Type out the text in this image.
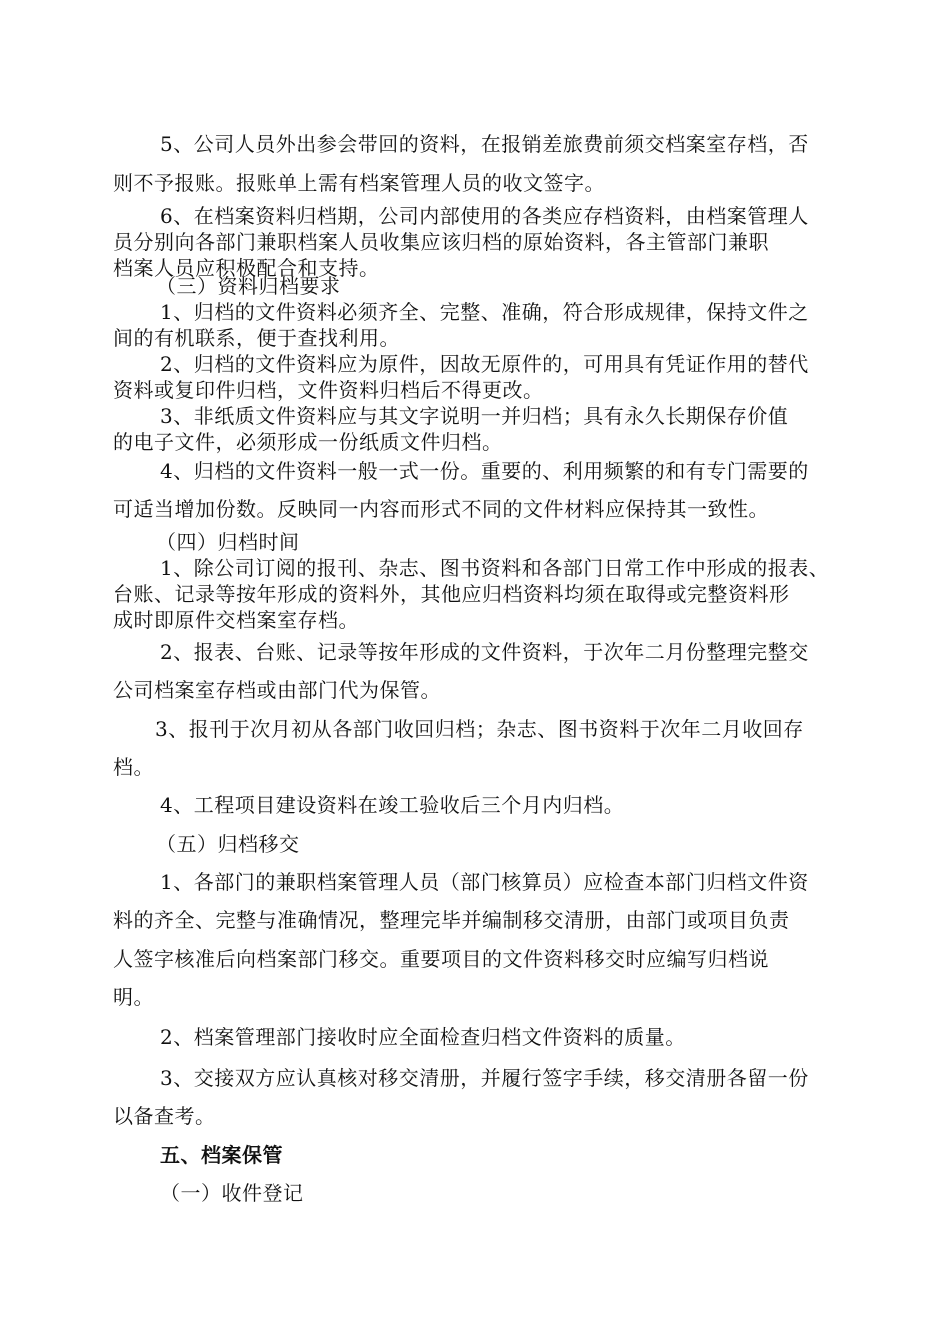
5、公司人员外出参会带回的资料，在报销差旅费前须交档案室存档，否
则不予报账。报账单上需有档案管理人员的收文签字。
6、在档案资料归档期，公司内部使用的各类应存档资料，由档案管理人
员分别向各部门兼职档案人员收集应该归档的原始资料，各主管部门兼职
档案人员应积极配合和支持。
（三）资料归档要求
1、归档的文件资料必须齐全、完整、准确，符合形成规律，保持文件之
间的有机联系，便于查找利用。
2、归档的文件资料应为原件，因故无原件的，可用具有凭证作用的替代
资料或复印件归档，文件资料归档后不得更改。
3、非纸质文件资料应与其文字说明一并归档；具有永久长期保存价值
的电子文件，必须形成一份纸质文件归档。
4、归档的文件资料一般一式一份。重要的、利用频繁的和有专门需要的
可适当增加份数。反映同一内容而形式不同的文件材料应保持其一致性。
（四）归档时间
1、除公司订阅的报刊、杂志、图书资料和各部门日常工作中形成的报表、
台账、记录等按年形成的资料外，其他应归档资料均须在取得或完整资料形
成时即原件交档案室存档。
2、报表、台账、记录等按年形成的文件资料，于次年二月份整理完整交
公司档案室存档或由部门代为保管。
3、报刊于次月初从各部门收回归档；杂志、图书资料于次年二月收回存
档。
4、工程项目建设资料在竣工验收后三个月内归档。
（五）归档移交
1、各部门的兼职档案管理人员（部门核算员）应检查本部门归档文件资
料的齐全、完整与准确情况，整理完毕并编制移交清册，由部门或项目负责
人签字核准后向档案部门移交。重要项目的文件资料移交时应编写归档说
明。
2、档案管理部门接收时应全面检查归档文件资料的质量。
3、交接双方应认真核对移交清册，并履行签字手续，移交清册各留一份
以备查考。
五、档案保管
（一）收件登记
